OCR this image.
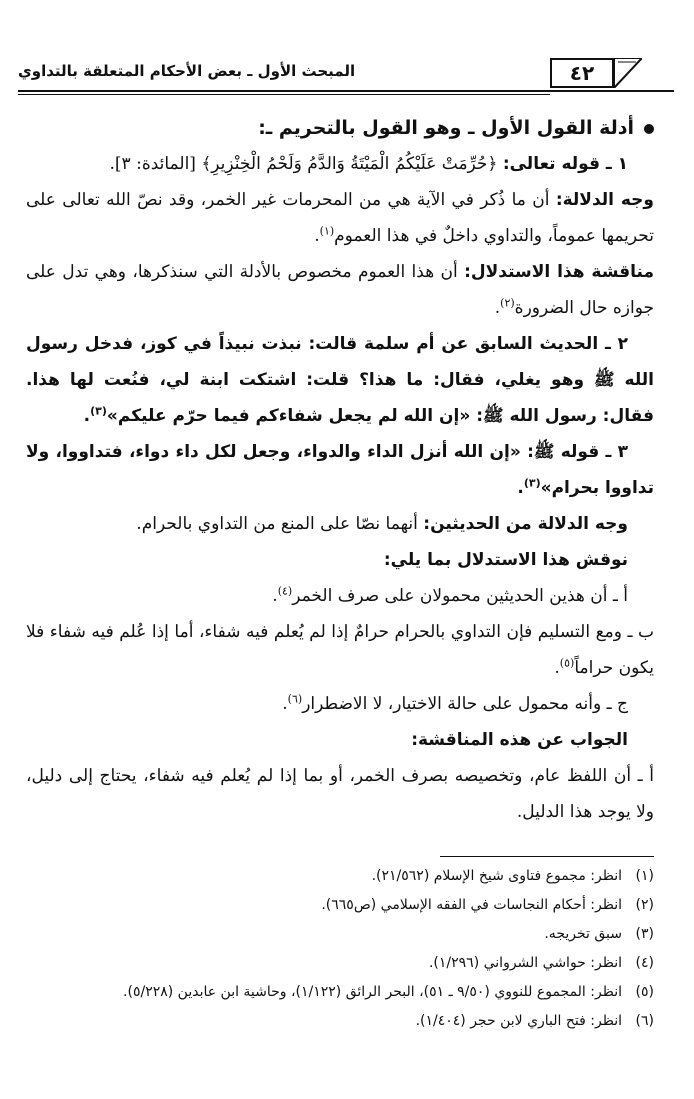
المبحث الأول ـ بعض الأحكام المتعلقة بالتداوي	٤٢

أدلة القول الأول ـ وهو القول بالتحريم ـ:

١ ـ قوله تعالى: ﴿حُرِّمَتْ عَلَيْكُمُ الْمَيْتَةُ وَالدَّمُ وَلَحْمُ الْخِنْزِيرِ﴾ [المائدة: ٣].

وجه الدلالة: أن ما ذُكر في الآية هي من المحرمات غير الخمر، وقد نصّ الله تعالى على تحريمها عموماً، والتداوي داخلٌ في هذا العموم$^{(١)}$.

مناقشة هذا الاستدلال: أن هذا العموم مخصوص بالأدلة التي سنذكرها، وهي تدل على جوازه حال الضرورة$^{(٢)}$.

٢ ـ الحديث السابق عن أم سلمة قالت: نبذت نبيذاً في كوز، فدخل رسول الله ﷺ وهو يغلي، فقال: ما هذا؟ قلت: اشتكت ابنة لي، فنُعت لها هذا. فقال: رسول الله ﷺ: «إن الله لم يجعل شفاءكم فيما حرّم عليكم»$^{(٣)}$.

٣ ـ قوله ﷺ: «إن الله أنزل الداء والدواء، وجعل لكل داء دواء، فتداووا، ولا تداووا بحرام»$^{(٣)}$.

وجه الدلالة من الحديثين: أنهما نصّا على المنع من التداوي بالحرام.

نوقش هذا الاستدلال بما يلي:

أ ـ أن هذين الحديثين محمولان على صرف الخمر$^{(٤)}$.

ب ـ ومع التسليم فإن التداوي بالحرام حرامٌ إذا لم يُعلم فيه شفاء، أما إذا عُلم فيه شفاء فلا يكون حراماً$^{(٥)}$.

ج ـ وأنه محمول على حالة الاختيار، لا الاضطرار$^{(٦)}$.

الجواب عن هذه المناقشة:

أ ـ أن اللفظ عام، وتخصيصه بصرف الخمر، أو بما إذا لم يُعلم فيه شفاء، يحتاج إلى دليل، ولا يوجد هذا الدليل.

(١)انظر: مجموع فتاوى شيخ الإسلام (٢١/٥٦٢).
(٢)انظر: أحكام النجاسات في الفقه الإسلامي (ص٦٦٥).
(٣)سبق تخريجه.
(٤)انظر: حواشي الشرواني (١/٢٩٦).
(٥)انظر: المجموع للنووي (٩/٥٠ ـ ٥١)، البحر الرائق (١/١٢٢)، وحاشية ابن عابدين (٥/٢٢٨).
(٦)انظر: فتح الباري لابن حجر (١/٤٠٤).
